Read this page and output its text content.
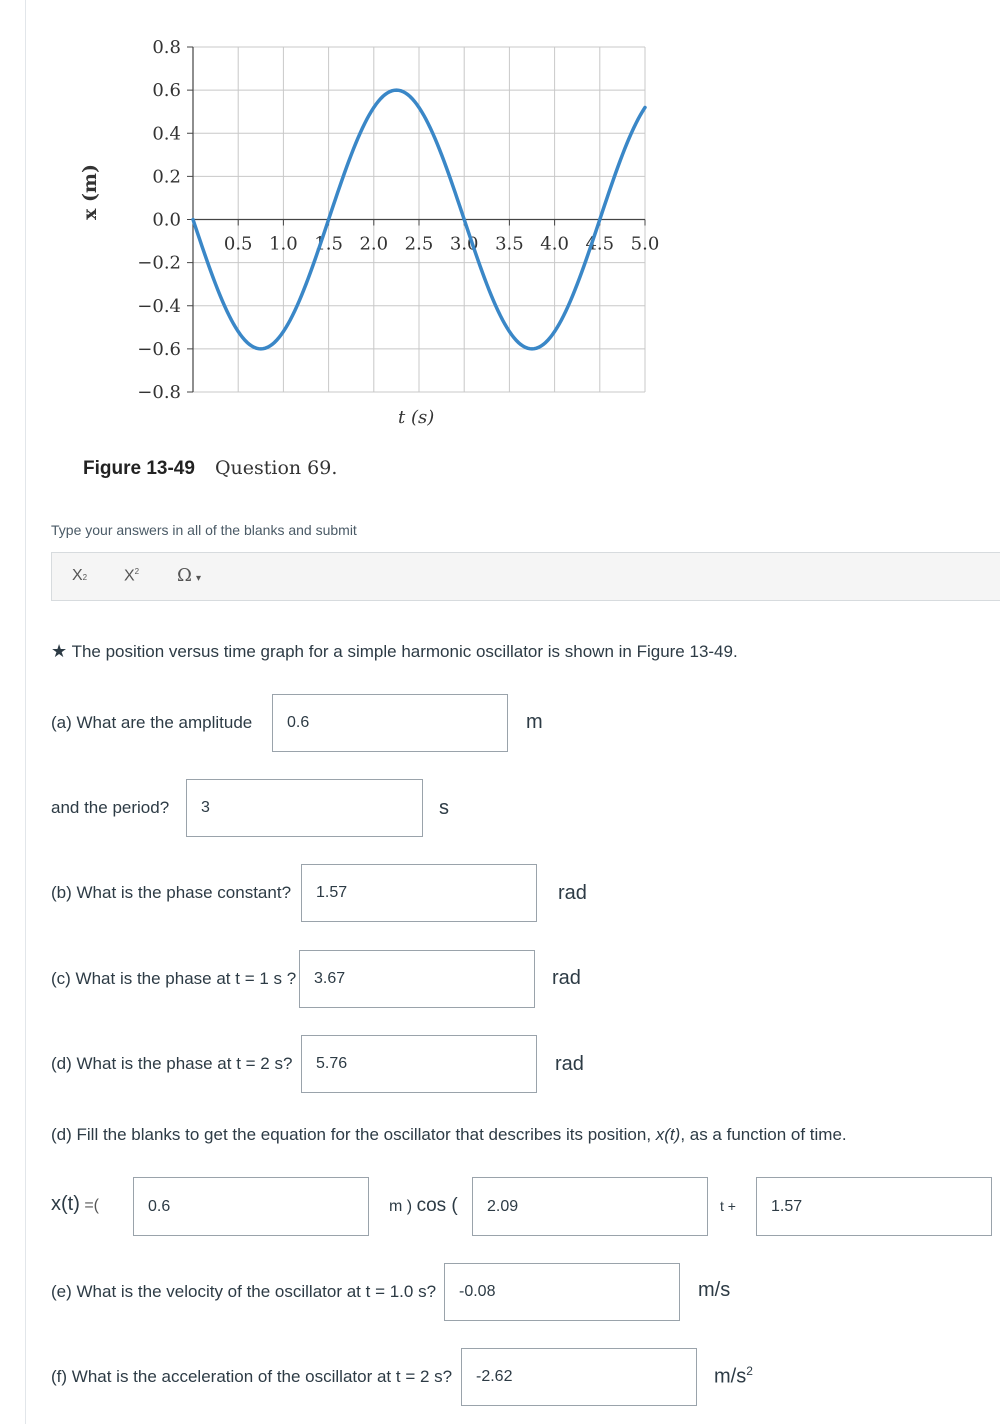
0.8
0.6
0.4
0.2
0.0
−0.2
−0.4
−0.6
−0.8
0.5 1.0 1.5 2.0 2.5 3.0 3.5 4.0 4.5 5.0
x (m)
t (s)
Figure 13-49 Question 69.
Type your answers in all of the blanks and submit
X2 $X^2$ Ω ▾
★ The position versus time graph for a simple harmonic oscillator is shown in Figure 13-49.
(a) What are the amplitude	0.6	m
and the period?	3	s
(b) What is the phase constant?	1.57	rad
(c) What is the phase at t = 1 s ?	3.67	rad
(d) What is the phase at t = 2 s?	5.76	rad
(d) Fill the blanks to get the equation for the oscillator that describes its position, x(t), as a function of time.
x(t) =(	0.6	m ) cos (	2.09	t +	1.57
(e) What is the velocity of the oscillator at t = 1.0 s?	-0.08	m/s
(f) What is the acceleration of the oscillator at t = 2 s?	-2.62	$m/s^2$
